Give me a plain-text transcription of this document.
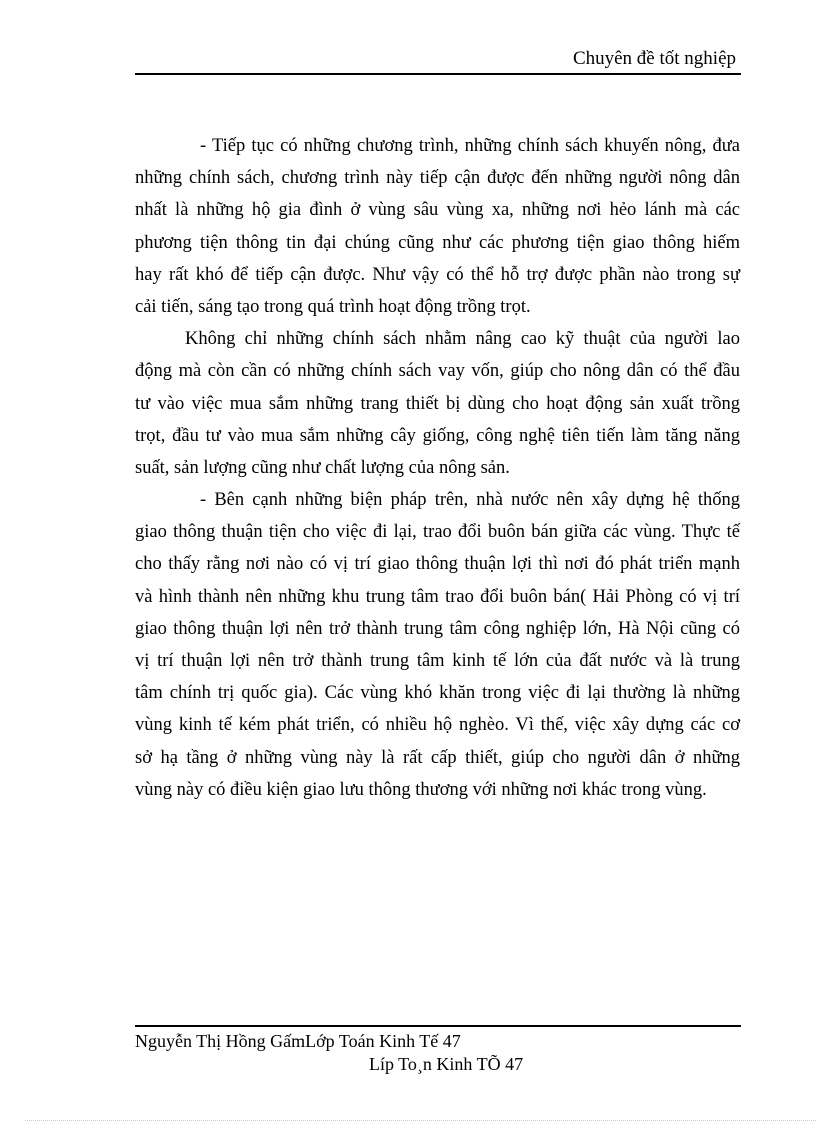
Chuyên đề tốt nghiệp
- Tiếp tục có những chương trình, những chính sách khuyến nông, đưa
những chính sách, chương trình này tiếp cận được đến những người nông dân
nhất là những hộ gia đình ở vùng sâu vùng xa, những nơi hẻo lánh mà các
phương tiện thông tin đại chúng cũng như các phương tiện giao thông hiếm
hay rất khó để tiếp cận được. Như vậy có thể hỗ trợ được phần nào trong sự
cải tiến, sáng tạo trong quá trình hoạt động trồng trọt.
Không chỉ những chính sách nhằm nâng cao kỹ thuật của người lao
động mà còn cần có những chính sách vay vốn, giúp cho nông dân có thể đầu
tư vào việc mua sắm những trang thiết bị dùng cho hoạt động sản xuất trồng
trọt, đầu tư vào mua sắm những cây giống, công nghệ tiên tiến làm tăng năng
suất, sản lượng cũng như chất lượng của nông sản.
- Bên cạnh những biện pháp trên, nhà nước nên xây dựng hệ thống
giao thông thuận tiện cho việc đi lại, trao đổi buôn bán giữa các vùng. Thực tế
cho thấy rằng nơi nào có vị trí giao thông thuận lợi thì nơi đó phát triển mạnh
và hình thành nên những khu trung tâm trao đổi buôn bán( Hải Phòng có vị trí
giao thông thuận lợi nên trở thành trung tâm công nghiệp lớn, Hà Nội cũng có
vị trí thuận lợi nên trở thành trung tâm kinh tế lớn của đất nước và là trung
tâm chính trị quốc gia). Các vùng khó khăn trong việc đi lại thường là những
vùng kinh tế kém phát triển, có nhiều hộ nghèo. Vì thế, việc xây dựng các cơ
sở hạ tầng ở những vùng này là rất cấp thiết, giúp cho người dân ở những
vùng này có điều kiện giao lưu thông thương với những nơi khác trong vùng.
Nguyễn Thị Hồng GấmLớp Toán Kinh Tế 47
Líp To¸n Kinh TÕ 47
